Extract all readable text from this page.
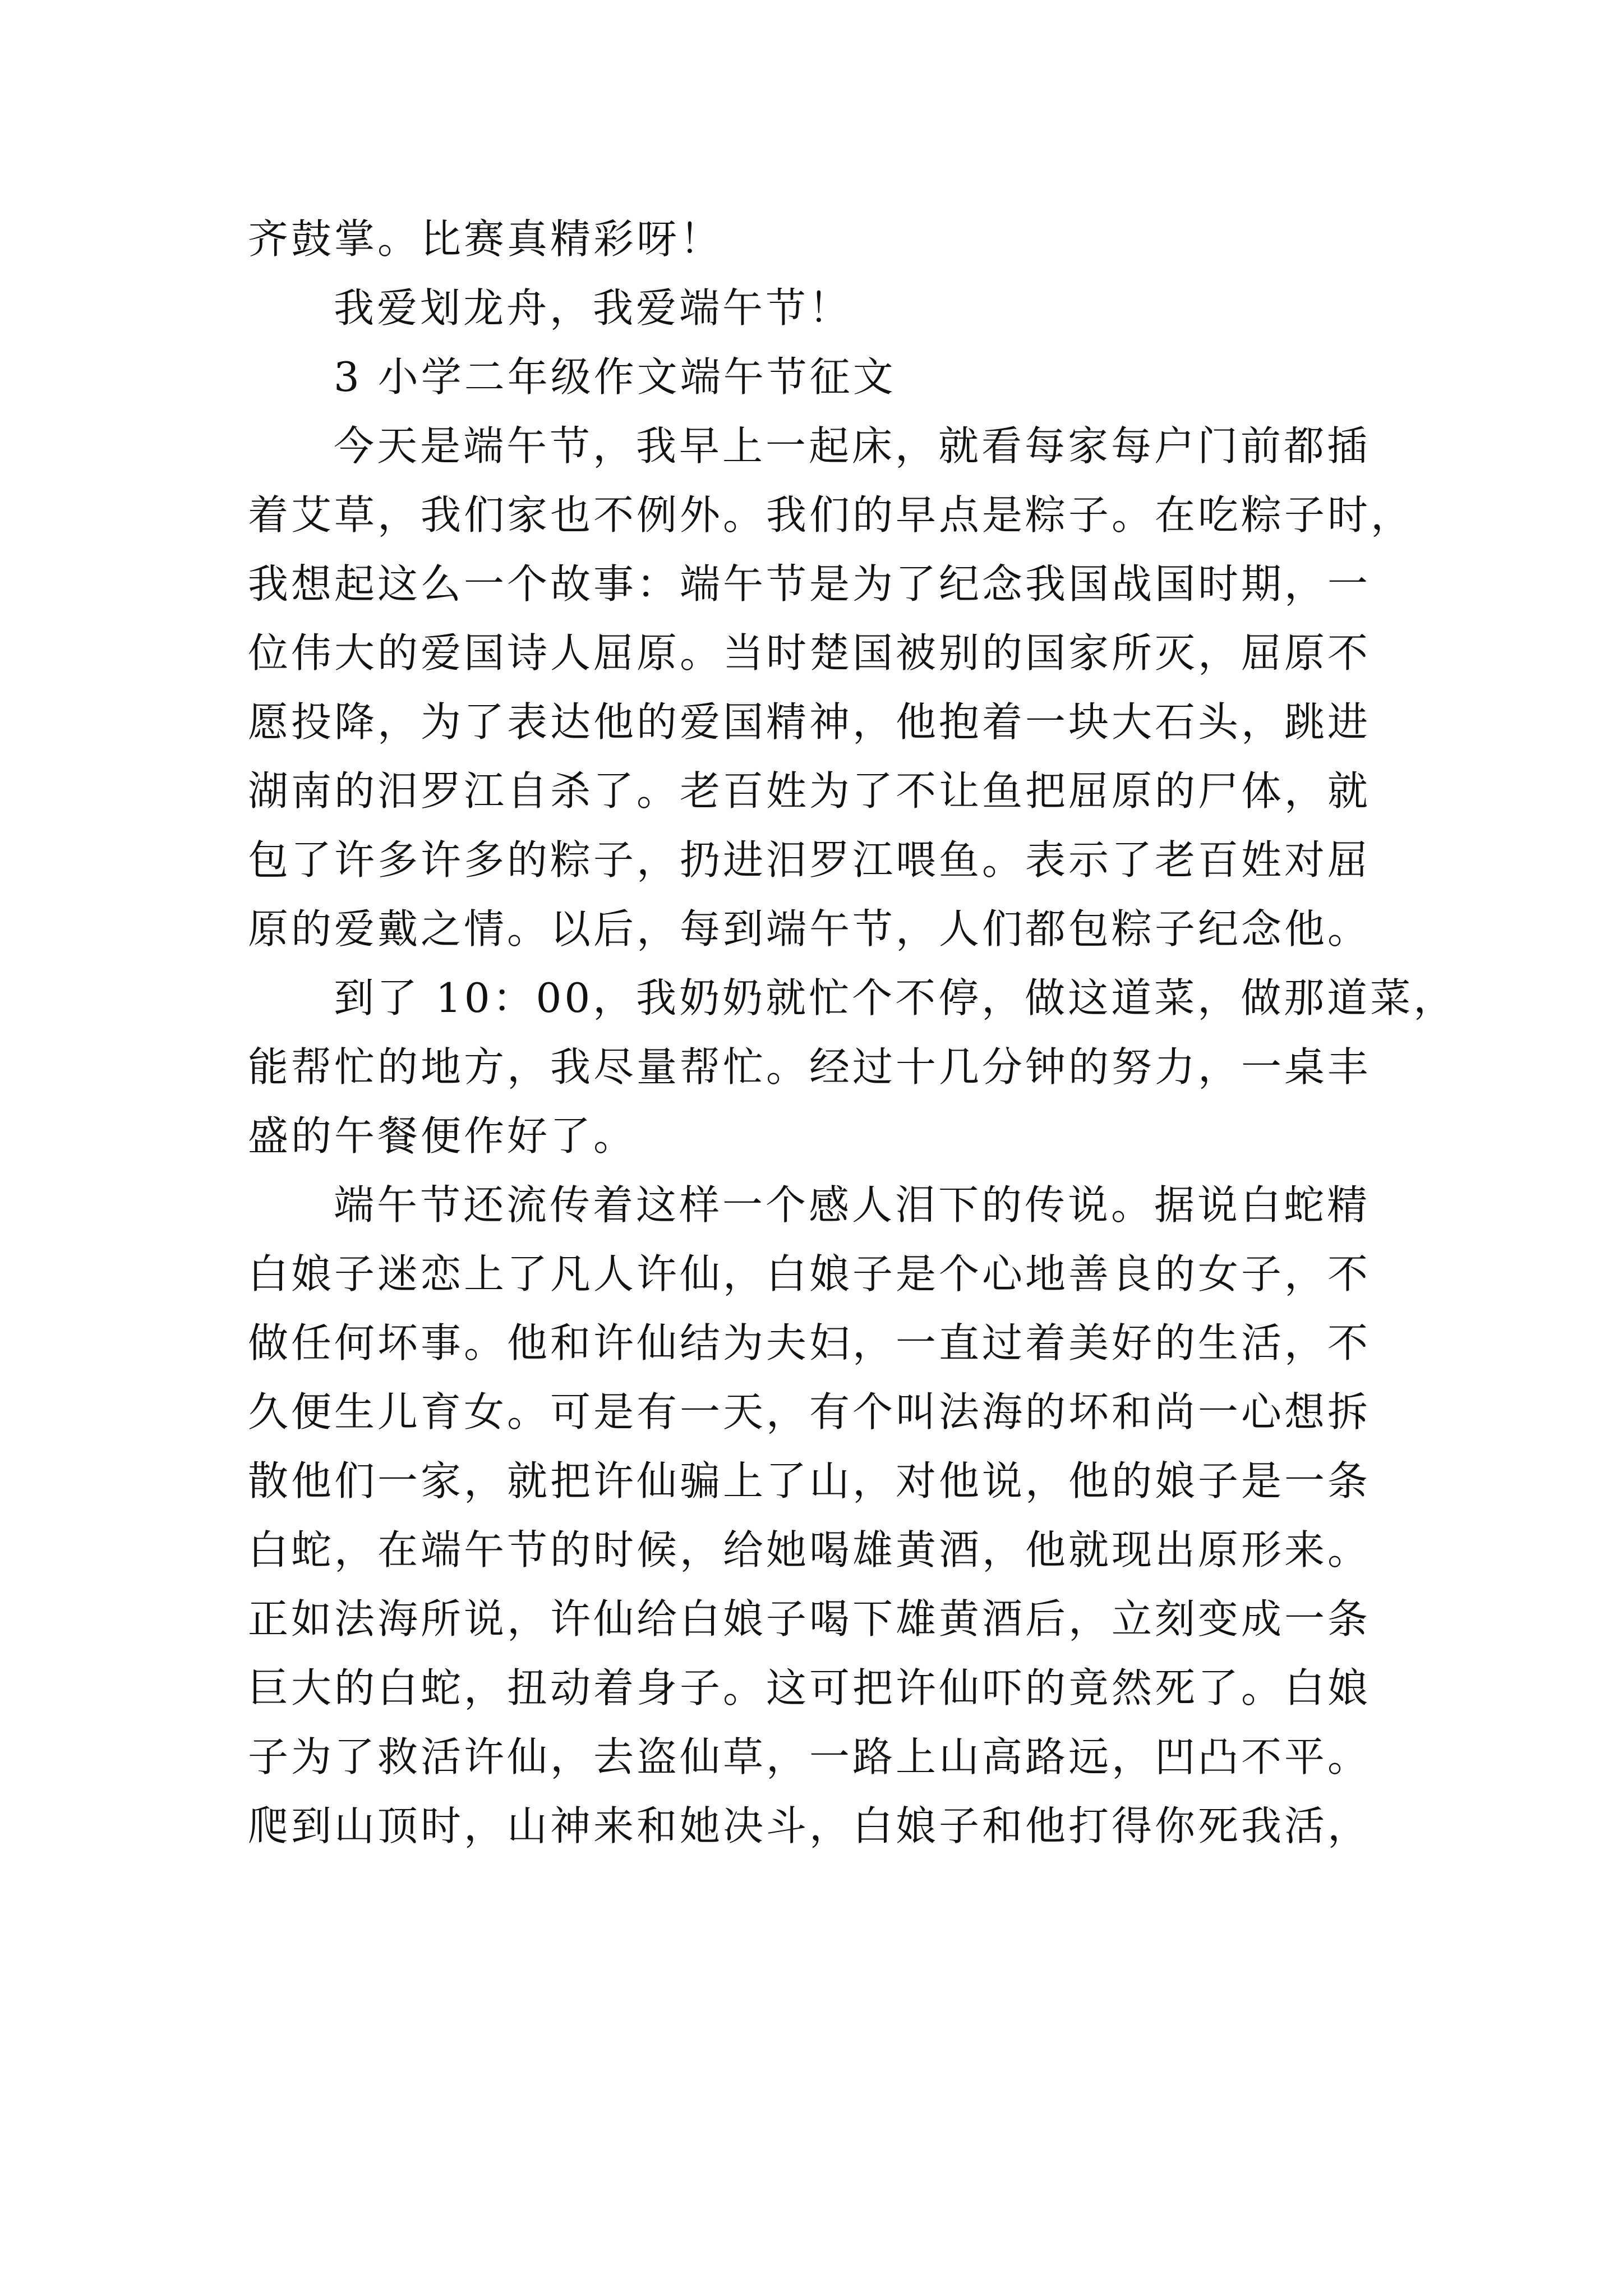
齐鼓掌。比赛真精彩呀！
我爱划龙舟，我爱端午节！
3 小学二年级作文端午节征文
今天是端午节，我早上一起床，就看每家每户门前都插
着艾草，我们家也不例外。我们的早点是粽子。在吃粽子时，
我想起这么一个故事：端午节是为了纪念我国战国时期，一
位伟大的爱国诗人屈原。当时楚国被别的国家所灭，屈原不
愿投降，为了表达他的爱国精神，他抱着一块大石头，跳进
湖南的汨罗江自杀了。老百姓为了不让鱼把屈原的尸体，就
包了许多许多的粽子，扔进汨罗江喂鱼。表示了老百姓对屈
原的爱戴之情。以后，每到端午节，人们都包粽子纪念他。
到了 10：00，我奶奶就忙个不停，做这道菜，做那道菜，
能帮忙的地方，我尽量帮忙。经过十几分钟的努力，一桌丰
盛的午餐便作好了。
端午节还流传着这样一个感人泪下的传说。据说白蛇精
白娘子迷恋上了凡人许仙，白娘子是个心地善良的女子，不
做任何坏事。他和许仙结为夫妇，一直过着美好的生活，不
久便生儿育女。可是有一天，有个叫法海的坏和尚一心想拆
散他们一家，就把许仙骗上了山，对他说，他的娘子是一条
白蛇，在端午节的时候，给她喝雄黄酒，他就现出原形来。
正如法海所说，许仙给白娘子喝下雄黄酒后，立刻变成一条
巨大的白蛇，扭动着身子。这可把许仙吓的竟然死了。白娘
子为了救活许仙，去盗仙草，一路上山高路远，凹凸不平。
爬到山顶时，山神来和她决斗，白娘子和他打得你死我活，
